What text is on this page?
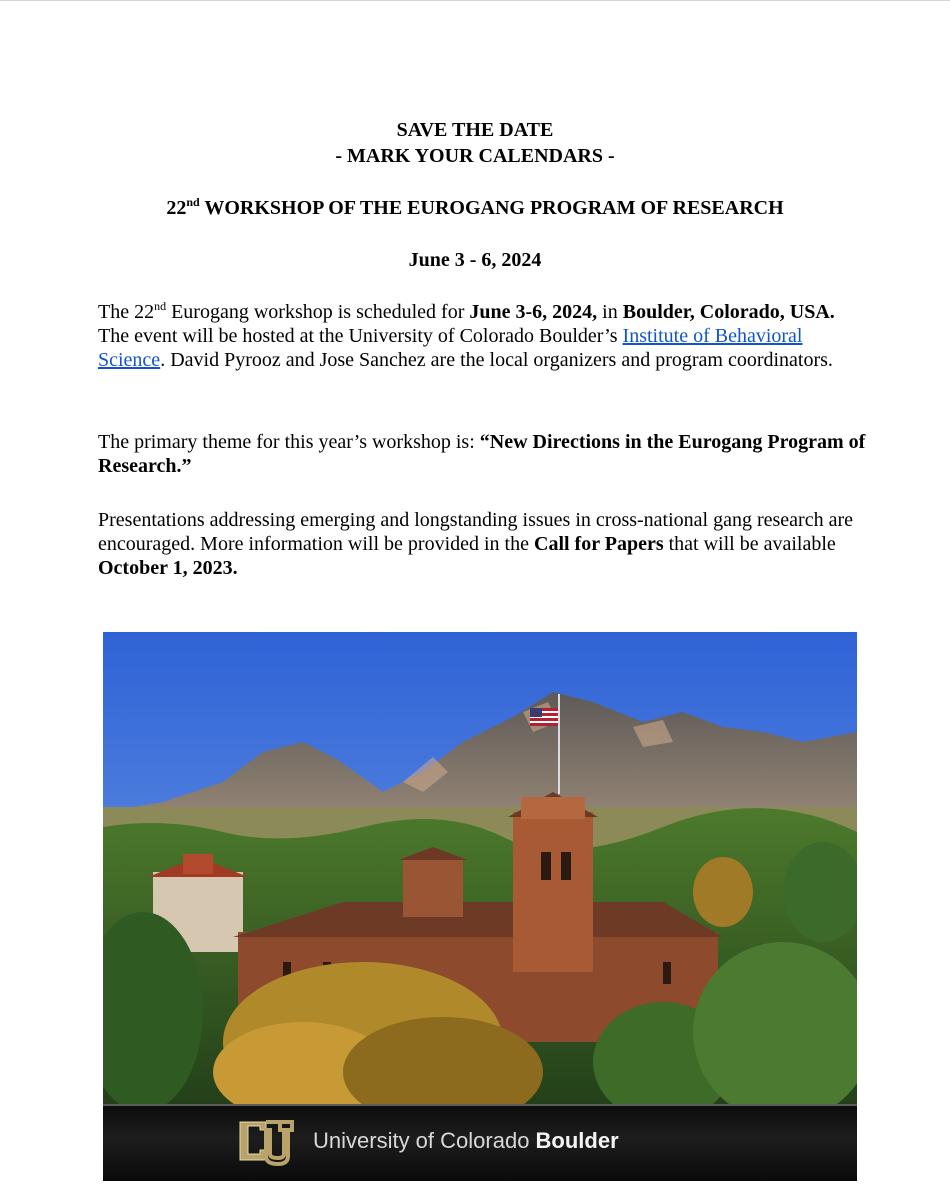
SAVE THE DATE
- MARK YOUR CALENDARS -
22nd WORKSHOP OF THE EUROGANG PROGRAM OF RESEARCH
June 3 - 6, 2024

The 22nd Eurogang workshop is scheduled for June 3-6, 2024, in Boulder, Colorado, USA. The event will be hosted at the University of Colorado Boulder’s Institute of Behavioral Science. David Pyrooz and Jose Sanchez are the local organizers and program coordinators.

The primary theme for this year’s workshop is: “New Directions in the Eurogang Program of Research.”

Presentations addressing emerging and longstanding issues in cross-national gang research are encouraged. More information will be provided in the Call for Papers that will be available October 1, 2023.

University of Colorado Boulder
